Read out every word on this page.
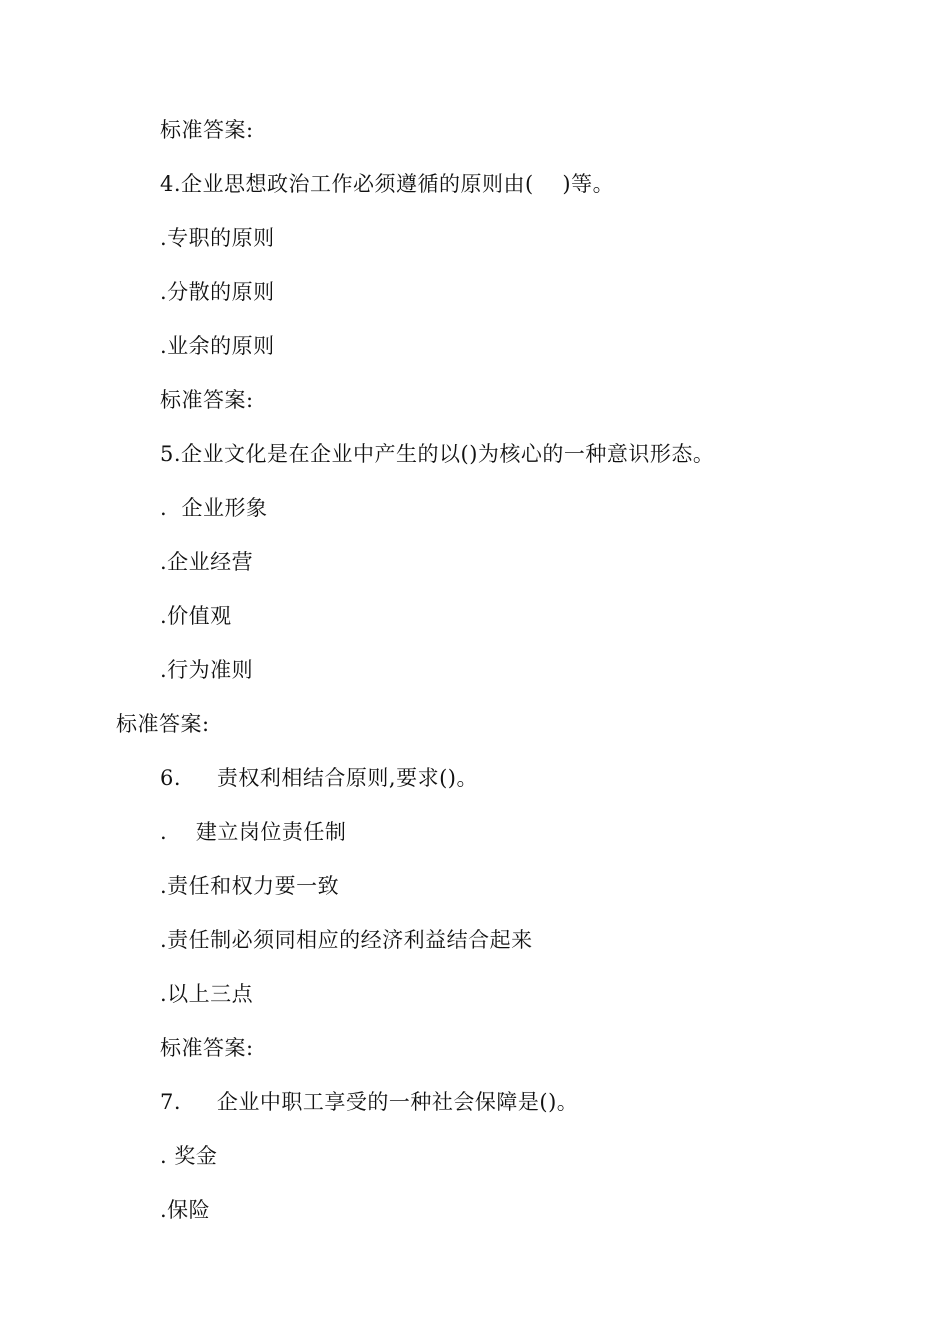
标准答案:
4.企业思想政治工作必须遵循的原则由(    )等。
.专职的原则
.分散的原则
.业余的原则
标准答案:
5.企业文化是在企业中产生的以()为核心的一种意识形态。
.  企业形象
.企业经营
.价值观
.行为准则
标准答案:
6.     责权利相结合原则,要求()。
.    建立岗位责任制
.责任和权力要一致
.责任制必须同相应的经济利益结合起来
.以上三点
标准答案:
7.     企业中职工享受的一种社会保障是()。
. 奖金
.保险
